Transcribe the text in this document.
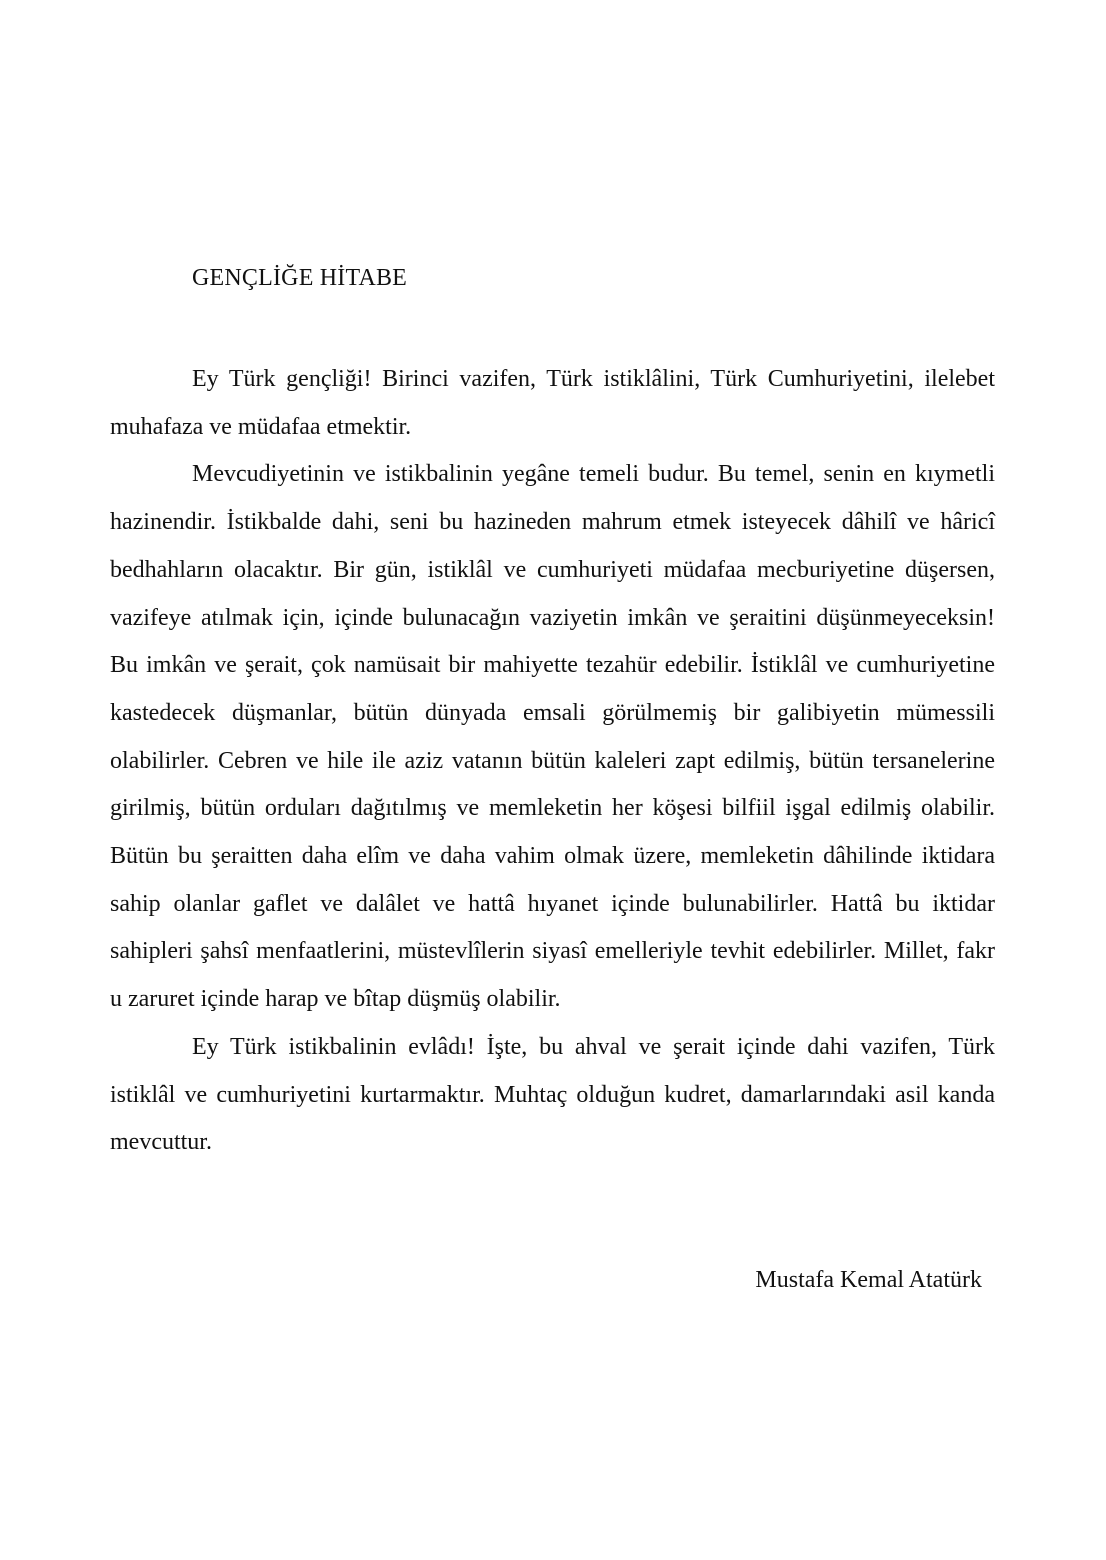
GENÇLİĞE HİTABE

Ey Türk gençliği! Birinci vazifen, Türk istiklâlini, Türk Cumhuriyetini, ilelebet muhafaza ve müdafaa etmektir.

Mevcudiyetinin ve istikbalinin yegâne temeli budur. Bu temel, senin en kıymetli hazinendir. İstikbalde dahi, seni bu hazineden mahrum etmek isteyecek dâhilî ve hâricî bedhahların olacaktır. Bir gün, istiklâl ve cumhuriyeti müdafaa mecburiyetine düşersen, vazifeye atılmak için, içinde bulunacağın vaziyetin imkân ve şeraitini düşünmeyeceksin! Bu imkân ve şerait, çok namüsait bir mahiyette tezahür edebilir. İstiklâl ve cumhuriyetine kastedecek düşmanlar, bütün dünyada emsali görülmemiş bir galibiyetin mümessili olabilirler. Cebren ve hile ile aziz vatanın bütün kaleleri zapt edilmiş, bütün tersanelerine girilmiş, bütün orduları dağıtılmış ve memleketin her köşesi bilfiil işgal edilmiş olabilir. Bütün bu şeraitten daha elîm ve daha vahim olmak üzere, memleketin dâhilinde iktidara sahip olanlar gaflet ve dalâlet ve hattâ hıyanet içinde bulunabilirler. Hattâ bu iktidar sahipleri şahsî menfaatlerini, müstevlîlerin siyasî emelleriyle tevhit edebilirler. Millet, fakr u zaruret içinde harap ve bîtap düşmüş olabilir.

Ey Türk istikbalinin evlâdı! İşte, bu ahval ve şerait içinde dahi vazifen, Türk istiklâl ve cumhuriyetini kurtarmaktır. Muhtaç olduğun kudret, damarlarındaki asil kanda mevcuttur.

Mustafa Kemal Atatürk
